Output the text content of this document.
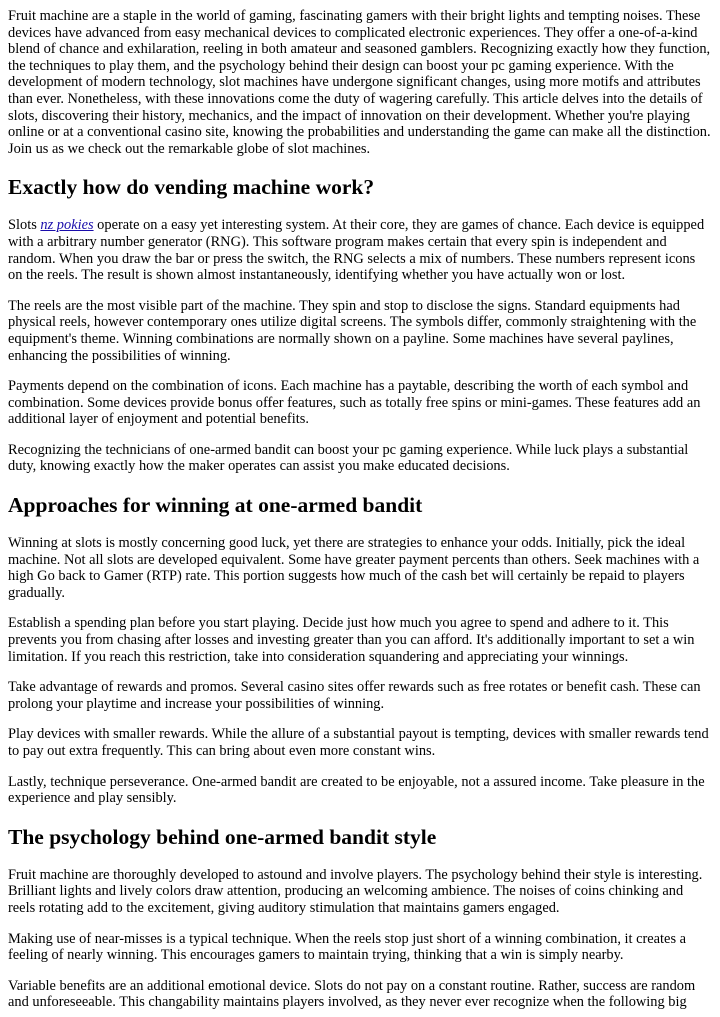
Fruit machine are a staple in the world of gaming, fascinating gamers with their bright lights and tempting noises. These devices have advanced from easy mechanical devices to complicated electronic experiences. They offer a one-of-a-kind blend of chance and exhilaration, reeling in both amateur and seasoned gamblers. Recognizing exactly how they function, the techniques to play them, and the psychology behind their design can boost your pc gaming experience. With the development of modern technology, slot machines have undergone significant changes, using more motifs and attributes than ever. Nonetheless, with these innovations come the duty of wagering carefully. This article delves into the details of slots, discovering their history, mechanics, and the impact of innovation on their development. Whether you're playing online or at a conventional casino site, knowing the probabilities and understanding the game can make all the distinction. Join us as we check out the remarkable globe of slot machines.

Exactly how do vending machine work?

Slots nz pokies operate on a easy yet interesting system. At their core, they are games of chance. Each device is equipped with a arbitrary number generator (RNG). This software program makes certain that every spin is independent and random. When you draw the bar or press the switch, the RNG selects a mix of numbers. These numbers represent icons on the reels. The result is shown almost instantaneously, identifying whether you have actually won or lost.

The reels are the most visible part of the machine. They spin and stop to disclose the signs. Standard equipments had physical reels, however contemporary ones utilize digital screens. The symbols differ, commonly straightening with the equipment's theme. Winning combinations are normally shown on a payline. Some machines have several paylines, enhancing the possibilities of winning.

Payments depend on the combination of icons. Each machine has a paytable, describing the worth of each symbol and combination. Some devices provide bonus offer features, such as totally free spins or mini-games. These features add an additional layer of enjoyment and potential benefits.

Recognizing the technicians of one-armed bandit can boost your pc gaming experience. While luck plays a substantial duty, knowing exactly how the maker operates can assist you make educated decisions.

Approaches for winning at one-armed bandit

Winning at slots is mostly concerning good luck, yet there are strategies to enhance your odds. Initially, pick the ideal machine. Not all slots are developed equivalent. Some have greater payment percents than others. Seek machines with a high Go back to Gamer (RTP) rate. This portion suggests how much of the cash bet will certainly be repaid to players gradually.

Establish a spending plan before you start playing. Decide just how much you agree to spend and adhere to it. This prevents you from chasing after losses and investing greater than you can afford. It's additionally important to set a win limitation. If you reach this restriction, take into consideration squandering and appreciating your winnings.

Take advantage of rewards and promos. Several casino sites offer rewards such as free rotates or benefit cash. These can prolong your playtime and increase your possibilities of winning.

Play devices with smaller rewards. While the allure of a substantial payout is tempting, devices with smaller rewards tend to pay out extra frequently. This can bring about even more constant wins.

Lastly, technique perseverance. One-armed bandit are created to be enjoyable, not a assured income. Take pleasure in the experience and play sensibly.

The psychology behind one-armed bandit style

Fruit machine are thoroughly developed to astound and involve players. The psychology behind their style is interesting. Brilliant lights and lively colors draw attention, producing an welcoming ambience. The noises of coins chinking and reels rotating add to the excitement, giving auditory stimulation that maintains gamers engaged.

Making use of near-misses is a typical technique. When the reels stop just short of a winning combination, it creates a feeling of nearly winning. This encourages gamers to maintain trying, thinking that a win is simply nearby.

Variable benefits are an additional emotional device. Slots do not pay on a constant routine. Rather, success are random and unforeseeable. This changability maintains players involved, as they never ever recognize when the following big
